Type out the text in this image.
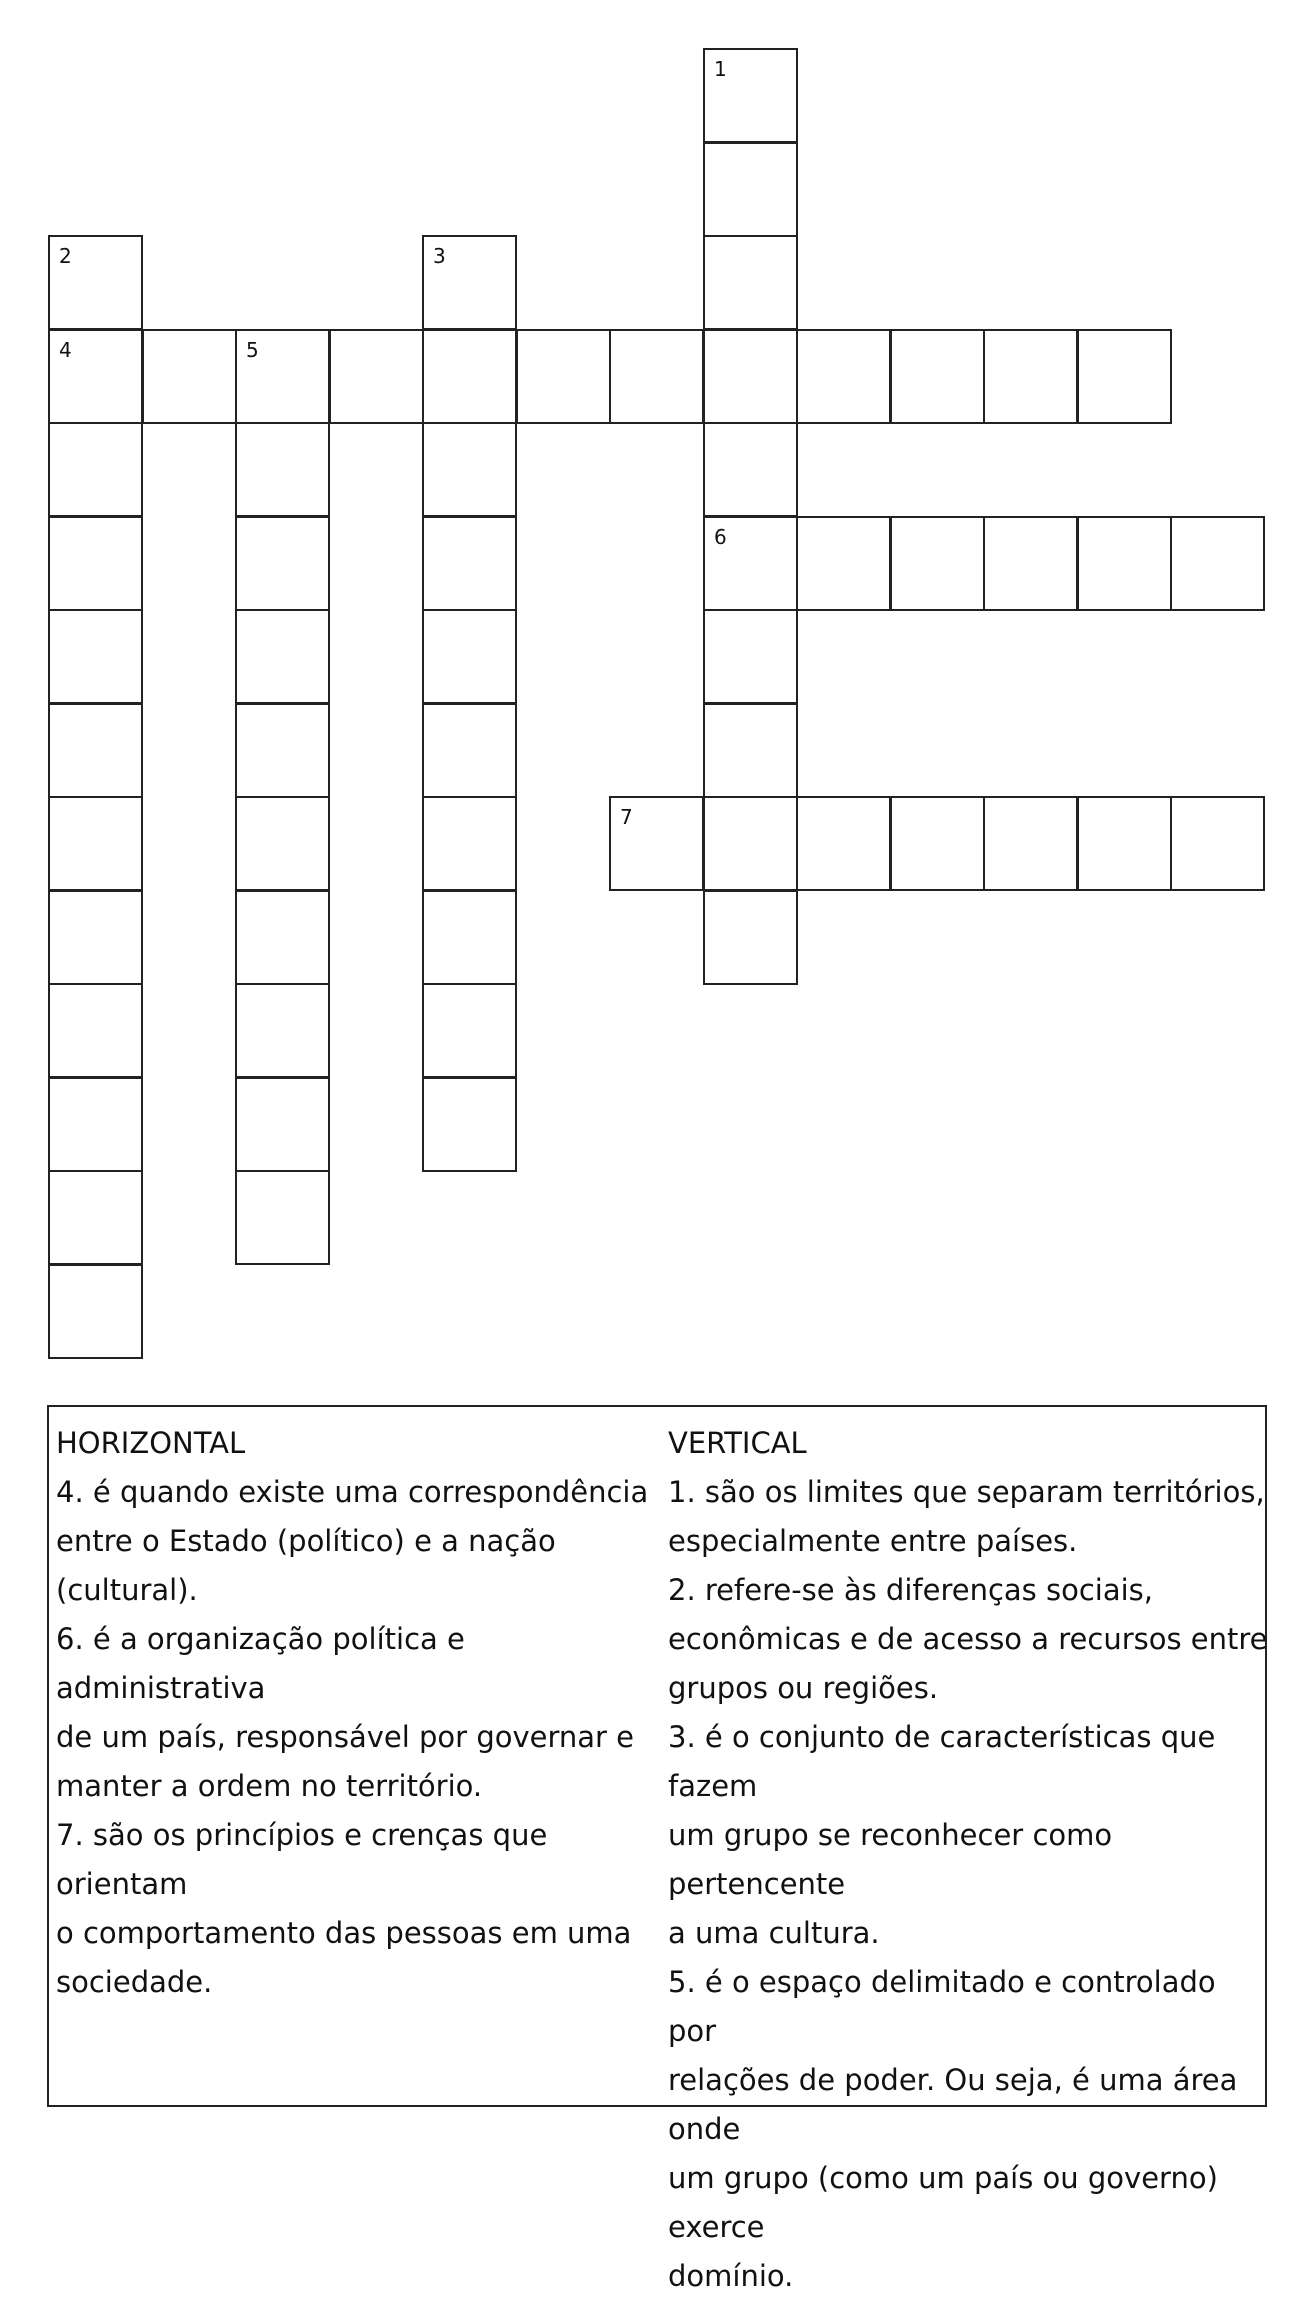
1
6
2
4
3
5
7

HORIZONTAL

4. é quando existe uma correspondência

entre o Estado (político) e a nação

(cultural).

6. é a organização política e administrativa

de um país, responsável por governar e

manter a ordem no território.

7. são os princípios e crenças que orientam

o comportamento das pessoas em uma

sociedade.

VERTICAL

1. são os limites que separam territórios,

especialmente entre países.

2. refere-se às diferenças sociais,

econômicas e de acesso a recursos entre

grupos ou regiões.

3. é o conjunto de características que fazem

um grupo se reconhecer como pertencente

a uma cultura.

5. é o espaço delimitado e controlado por

relações de poder. Ou seja, é uma área onde

um grupo (como um país ou governo) exerce

domínio.
